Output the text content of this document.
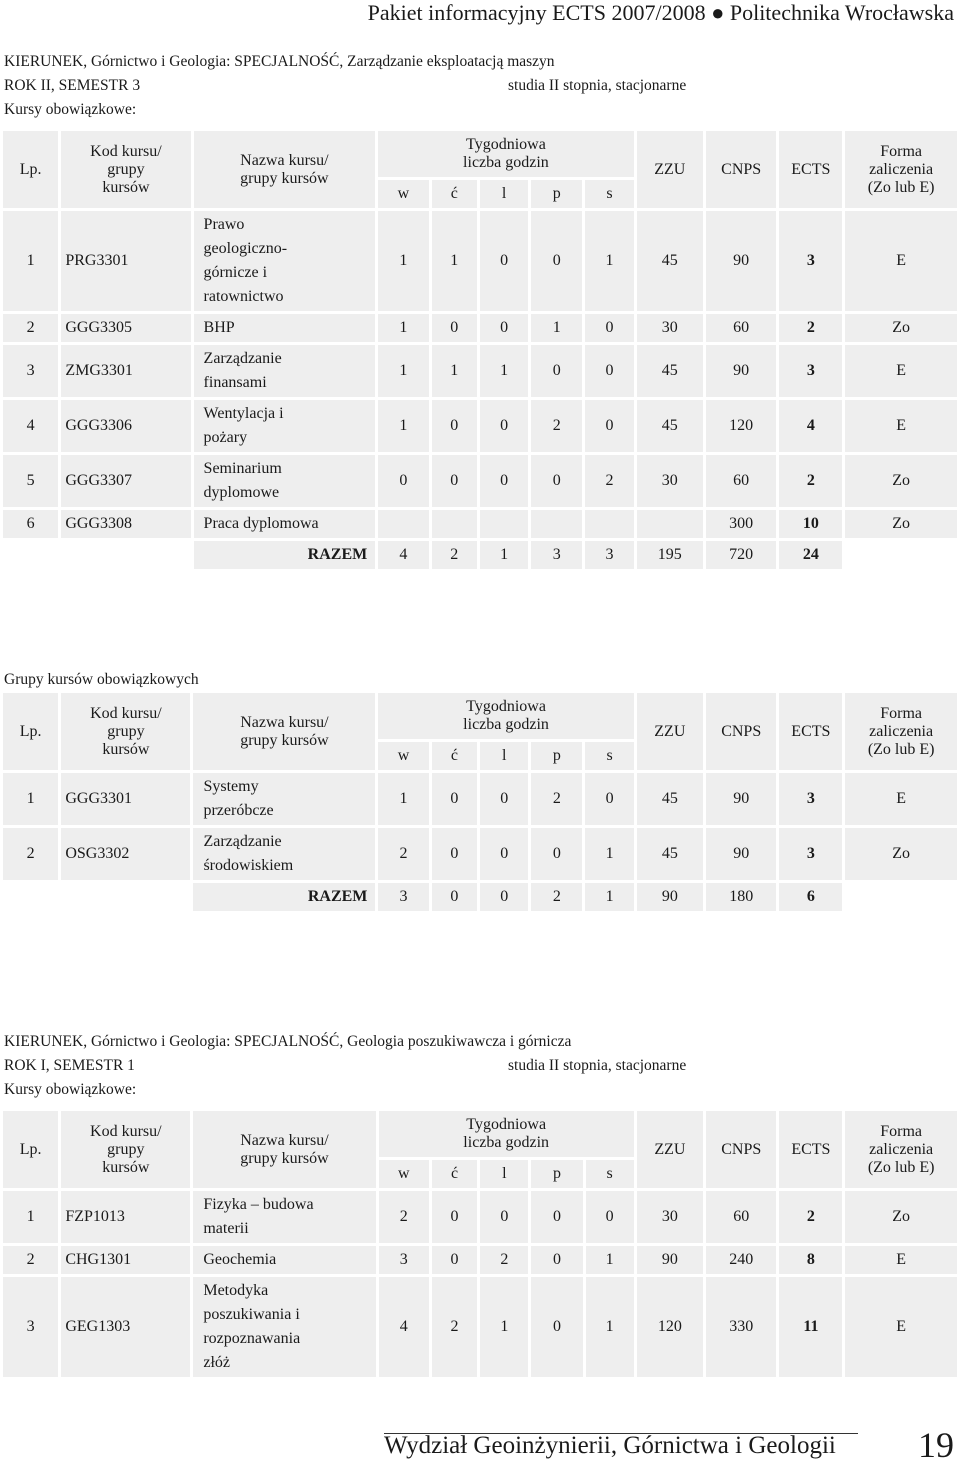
Pakiet informacyjny ECTS 2007/2008 ● Politechnika Wrocławska
KIERUNEK, Górnictwo i Geologia: SPECJALNOŚĆ, Zarządzanie eksploatacją maszyn
ROK II, SEMESTR 3	studia II stopnia, stacjonarne
Kursy obowiązkowe:
Lp.	Kod kursu/
grupy
kursów	Nazwa kursu/
grupy kursów	Tygodniowa
liczba godzin					ZZU	CNPS	ECTS	Forma
zaliczenia
(Zo lub E)
			w	ć	l	p	s				
1	PRG3301	Prawo
geologiczno-
górnicze i
ratownictwo	1	1	0	0	1	45	90	3	E
2	GGG3305	BHP	1	0	0	1	0	30	60	2	Zo
3	ZMG3301	Zarządzanie
finansami	1	1	1	0	0	45	90	3	E
4	GGG3306	Wentylacja i
pożary	1	0	0	2	0	45	120	4	E
5	GGG3307	Seminarium
dyplomowe	0	0	0	0	2	30	60	2	Zo
6	GGG3308	Praca dyplomowa							300	10	Zo
		RAZEM	4	2	1	3	3	195	720	24	
Grupy kursów obowiązkowych
Lp.	Kod kursu/
grupy
kursów	Nazwa kursu/
grupy kursów	Tygodniowa
liczba godzin					ZZU	CNPS	ECTS	Forma
zaliczenia
(Zo lub E)
			w	ć	l	p	s				
1	GGG3301	Systemy
przeróbcze	1	0	0	2	0	45	90	3	E
2	OSG3302	Zarządzanie
środowiskiem	2	0	0	0	1	45	90	3	Zo
		RAZEM	3	0	0	2	1	90	180	6	
KIERUNEK, Górnictwo i Geologia: SPECJALNOŚĆ, Geologia poszukiwawcza i górnicza
ROK I, SEMESTR 1	studia II stopnia, stacjonarne
Kursy obowiązkowe:
Lp.	Kod kursu/
grupy
kursów	Nazwa kursu/
grupy kursów	Tygodniowa
liczba godzin					ZZU	CNPS	ECTS	Forma
zaliczenia
(Zo lub E)
			w	ć	l	p	s				
1	FZP1013	Fizyka – budowa
materii	2	0	0	0	0	30	60	2	Zo
2	CHG1301	Geochemia	3	0	2	0	1	90	240	8	E
3	GEG1303	Metodyka
poszukiwania i
rozpoznawania
złóż	4	2	1	0	1	120	330	11	E
Wydział Geoinżynierii, Górnictwa i Geologii 19
